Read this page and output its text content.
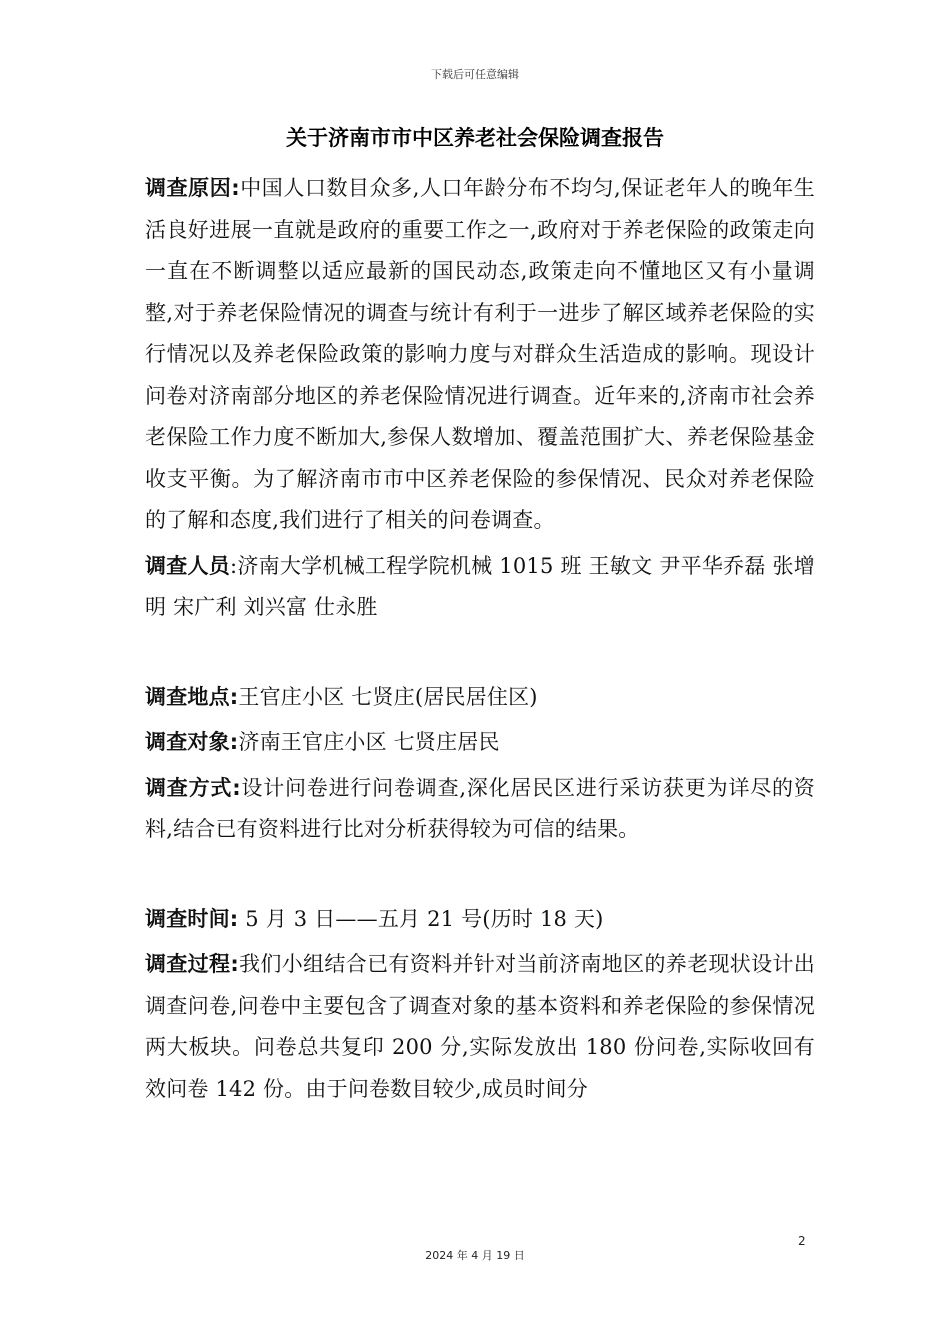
下载后可任意编辑
关于济南市市中区养老社会保险调查报告

调查原因:中国人口数目众多,人口年龄分布不均匀,保证老年人的晚年生活良好进展一直就是政府的重要工作之一,政府对于养老保险的政策走向一直在不断调整以适应最新的国民动态,政策走向不懂地区又有小量调整,对于养老保险情况的调查与统计有利于一进步了解区域养老保险的实行情况以及养老保险政策的影响力度与对群众生活造成的影响。现设计问卷对济南部分地区的养老保险情况进行调查。近年来的,济南市社会养老保险工作力度不断加大,参保人数增加、覆盖范围扩大、养老保险基金收支平衡。为了解济南市市中区养老保险的参保情况、民众对养老保险的了解和态度,我们进行了相关的问卷调查。

调查人员:济南大学机械工程学院机械 1015 班 王敏文 尹平华乔磊 张增明 宋广利 刘兴富 仕永胜

调查地点:王官庄小区 七贤庄(居民居住区)

调查对象:济南王官庄小区 七贤庄居民

调查方式:设计问卷进行问卷调查,深化居民区进行采访获更为详尽的资料,结合已有资料进行比对分析获得较为可信的结果。

调查时间: 5 月 3 日——五月 21 号(历时 18 天)

调查过程:我们小组结合已有资料并针对当前济南地区的养老现状设计出调查问卷,问卷中主要包含了调查对象的基本资料和养老保险的参保情况两大板块。问卷总共复印 200 分,实际发放出 180 份问卷,实际收回有效问卷 142 份。由于问卷数目较少,成员时间分

2
2024 年 4 月 19 日
